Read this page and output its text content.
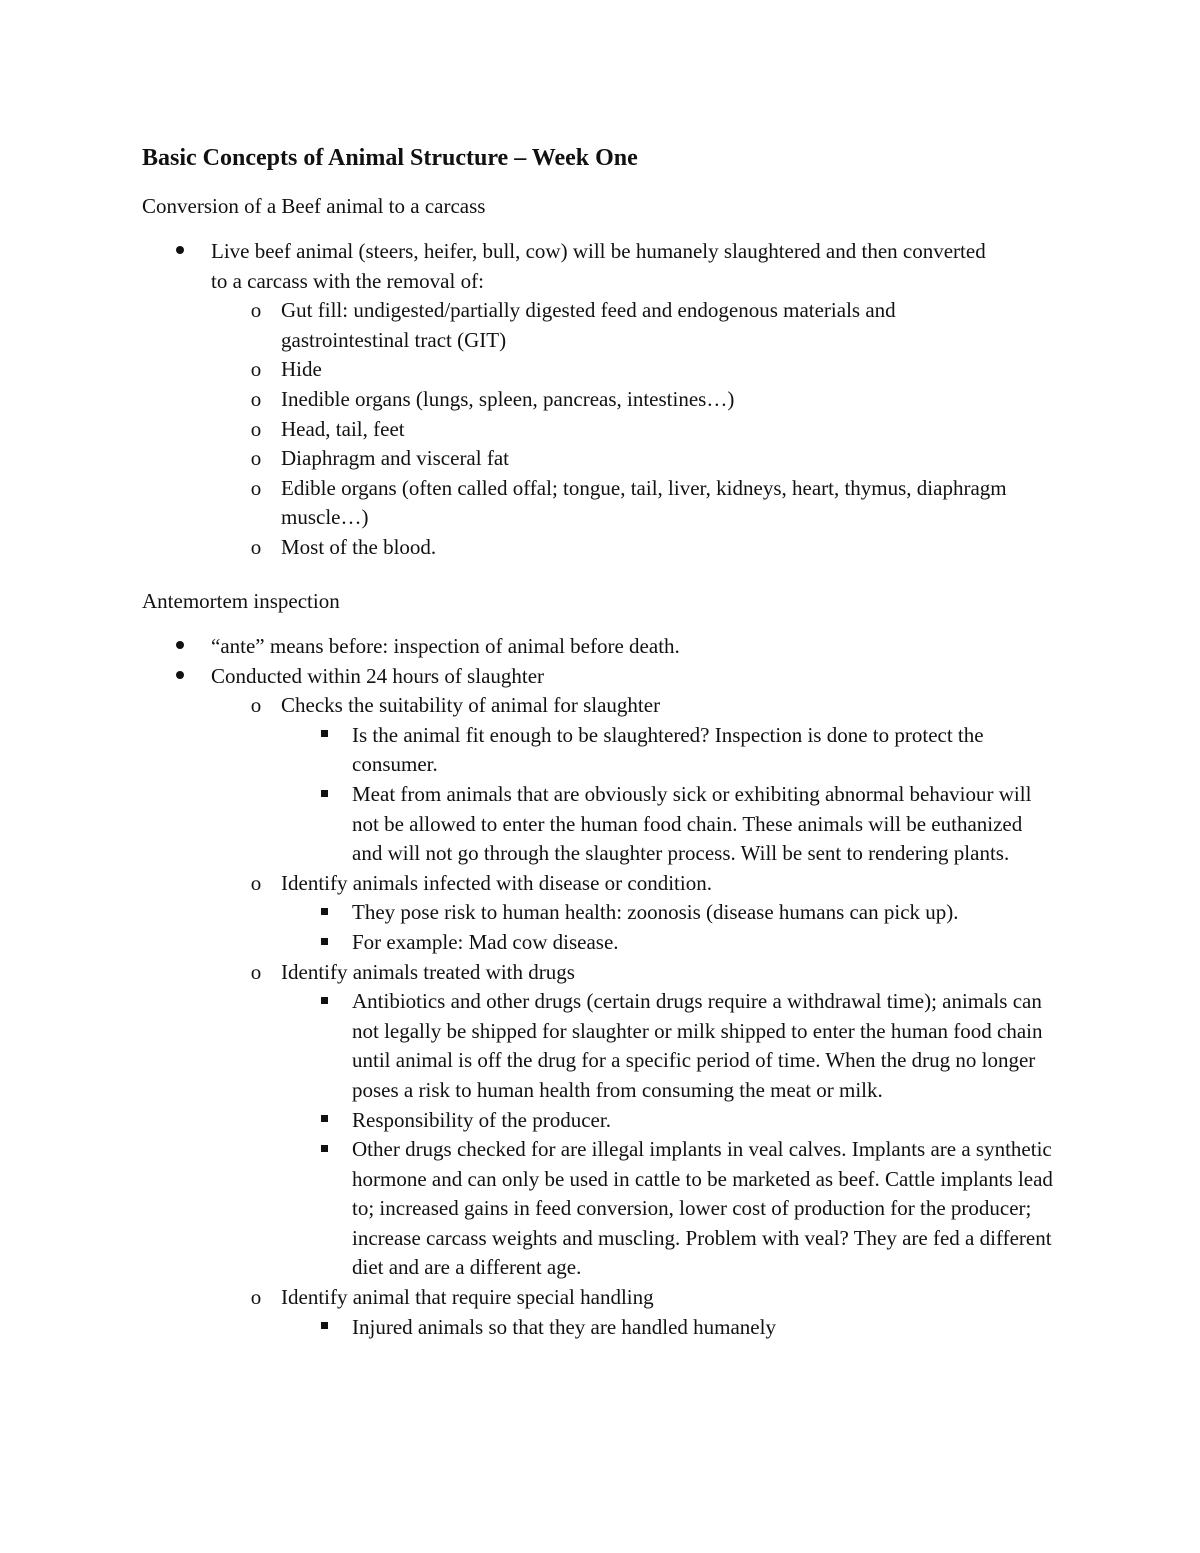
Basic Concepts of Animal Structure – Week One

Conversion of a Beef animal to a carcass

Live beef animal (steers, heifer, bull, cow) will be humanely slaughtered and then converted to a carcass with the removal of:
o Gut fill: undigested/partially digested feed and endogenous materials and gastrointestinal tract (GIT)
o Hide
o Inedible organs (lungs, spleen, pancreas, intestines…)
o Head, tail, feet
o Diaphragm and visceral fat
o Edible organs (often called offal; tongue, tail, liver, kidneys, heart, thymus, diaphragm muscle…)
o Most of the blood.

Antemortem inspection

“ante” means before: inspection of animal before death.
Conducted within 24 hours of slaughter
o Checks the suitability of animal for slaughter
Is the animal fit enough to be slaughtered? Inspection is done to protect the consumer.
Meat from animals that are obviously sick or exhibiting abnormal behaviour will not be allowed to enter the human food chain. These animals will be euthanized and will not go through the slaughter process. Will be sent to rendering plants.
o Identify animals infected with disease or condition.
They pose risk to human health: zoonosis (disease humans can pick up).
For example: Mad cow disease.
o Identify animals treated with drugs
Antibiotics and other drugs (certain drugs require a withdrawal time); animals can not legally be shipped for slaughter or milk shipped to enter the human food chain until animal is off the drug for a specific period of time. When the drug no longer poses a risk to human health from consuming the meat or milk.
Responsibility of the producer.
Other drugs checked for are illegal implants in veal calves. Implants are a synthetic hormone and can only be used in cattle to be marketed as beef. Cattle implants lead to; increased gains in feed conversion, lower cost of production for the producer; increase carcass weights and muscling. Problem with veal? They are fed a different diet and are a different age.
o Identify animal that require special handling
Injured animals so that they are handled humanely
